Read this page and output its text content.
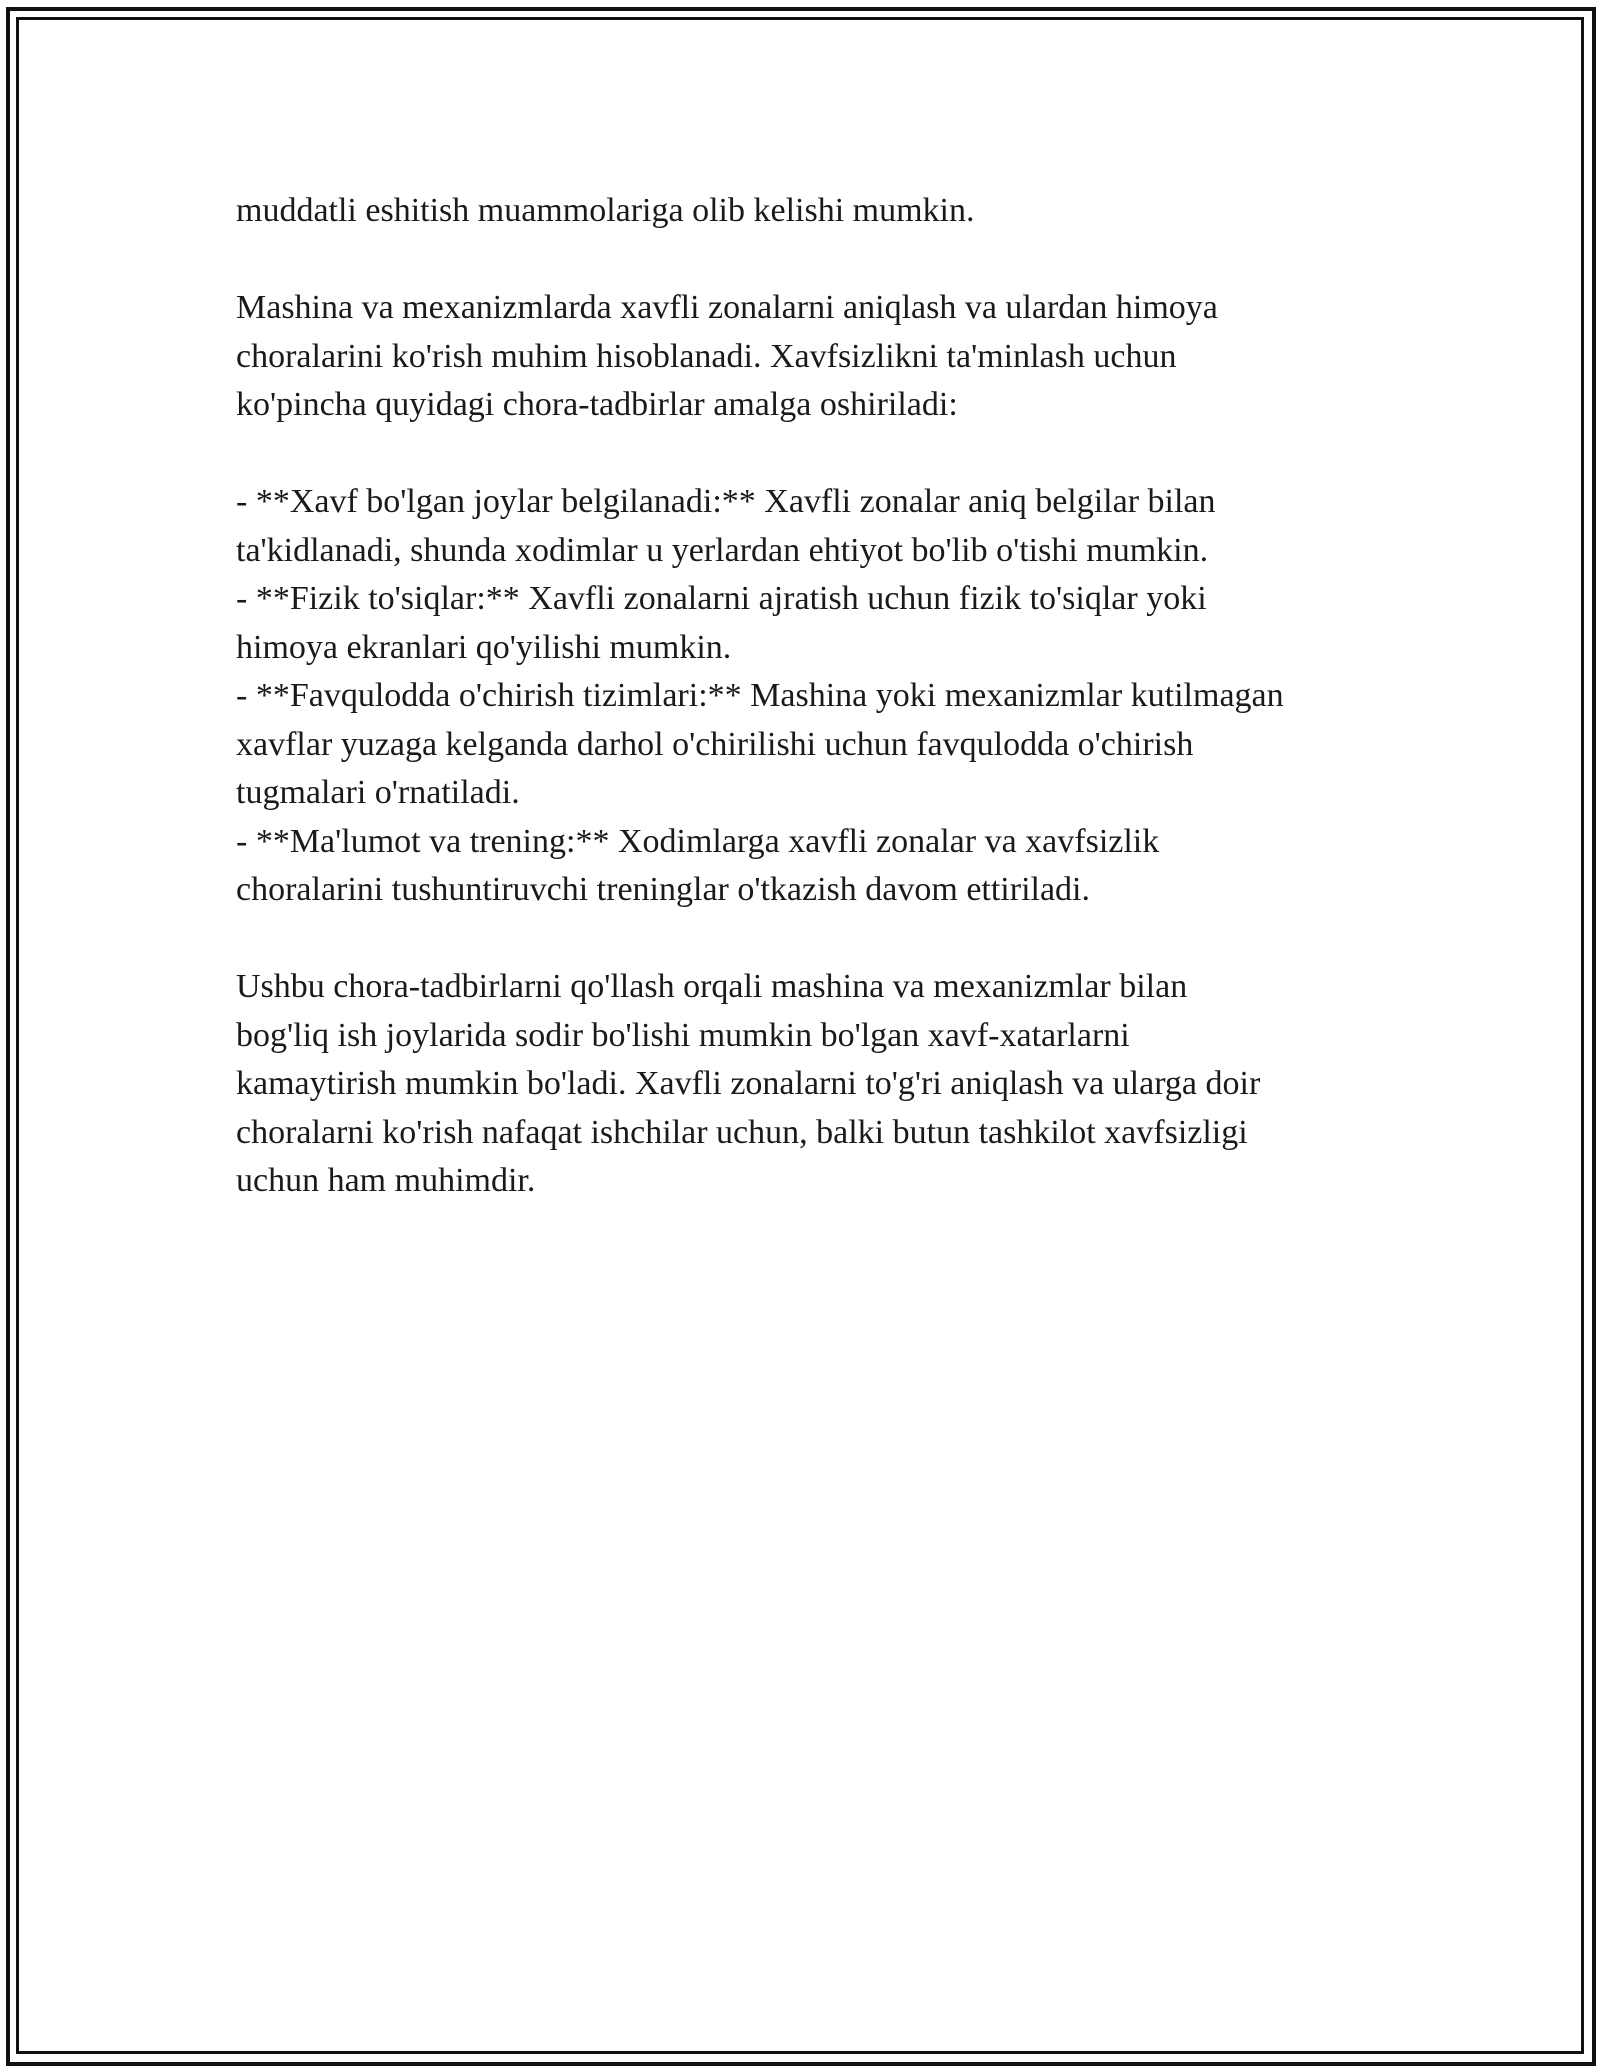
muddatli eshitish muammolariga olib kelishi mumkin.
Mashina va mexanizmlarda xavfli zonalarni aniqlash va ulardan himoya
choralarini ko'rish muhim hisoblanadi. Xavfsizlikni ta'minlash uchun
ko'pincha quyidagi chora-tadbirlar amalga oshiriladi:
- **Xavf bo'lgan joylar belgilanadi:** Xavfli zonalar aniq belgilar bilan
ta'kidlanadi, shunda xodimlar u yerlardan ehtiyot bo'lib o'tishi mumkin.
- **Fizik to'siqlar:** Xavfli zonalarni ajratish uchun fizik to'siqlar yoki
himoya ekranlari qo'yilishi mumkin.
- **Favqulodda o'chirish tizimlari:** Mashina yoki mexanizmlar kutilmagan
xavflar yuzaga kelganda darhol o'chirilishi uchun favqulodda o'chirish
tugmalari o'rnatiladi.
- **Ma'lumot va trening:** Xodimlarga xavfli zonalar va xavfsizlik
choralarini tushuntiruvchi treninglar o'tkazish davom ettiriladi.
Ushbu chora-tadbirlarni qo'llash orqali mashina va mexanizmlar bilan
bog'liq ish joylarida sodir bo'lishi mumkin bo'lgan xavf-xatarlarni
kamaytirish mumkin bo'ladi. Xavfli zonalarni to'g'ri aniqlash va ularga doir
choralarni ko'rish nafaqat ishchilar uchun, balki butun tashkilot xavfsizligi
uchun ham muhimdir.
